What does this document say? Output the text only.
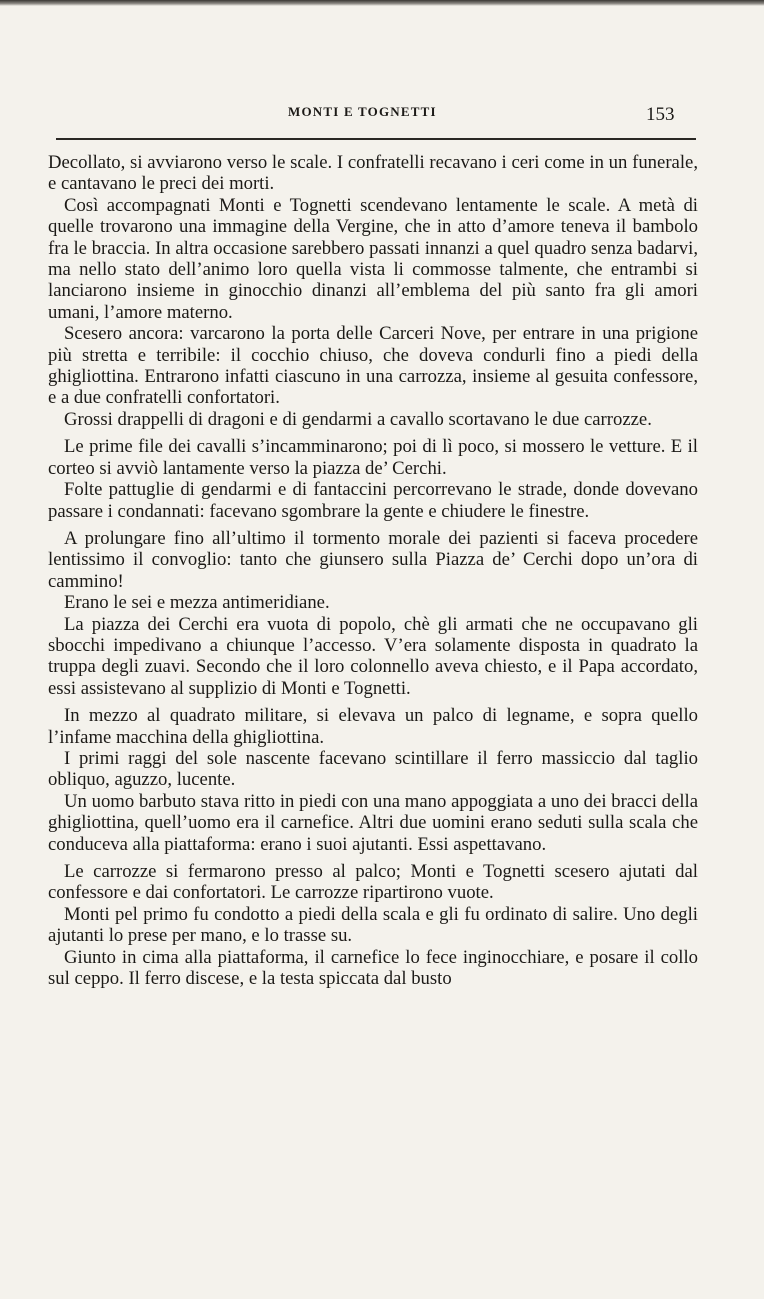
MONTI E TOGNETTI	153

Decollato, si avviarono verso le scale. I confratelli recavano i ceri come in un funerale, e cantavano le preci dei morti.

Così accompagnati Monti e Tognetti scendevano lentamente le scale. A metà di quelle trovarono una immagine della Vergine, che in atto d’amore teneva il bambolo fra le braccia. In altra occasione sarebbero passati innanzi a quel quadro senza badarvi, ma nello stato dell’animo loro quella vista li commosse talmente, che entrambi si lanciarono insieme in ginocchio dinanzi all’emblema del più santo fra gli amori umani, l’amore materno.

Scesero ancora: varcarono la porta delle Carceri Nove, per entrare in una prigione più stretta e terribile: il cocchio chiuso, che doveva condurli fino a piedi della ghigliottina. Entrarono infatti ciascuno in una carrozza, insieme al gesuita confessore, e a due confratelli confortatori.

Grossi drappelli di dragoni e di gendarmi a cavallo scortavano le due carrozze.

Le prime file dei cavalli s’incamminarono; poi di lì poco, si mossero le vetture. E il corteo si avviò lantamente verso la piazza de’ Cerchi.

Folte pattuglie di gendarmi e di fantaccini percorrevano le strade, donde dovevano passare i condannati: facevano sgombrare la gente e chiudere le finestre.

A prolungare fino all’ultimo il tormento morale dei pazienti si faceva procedere lentissimo il convoglio: tanto che giunsero sulla Piazza de’ Cerchi dopo un’ora di cammino!

Erano le sei e mezza antimeridiane.

La piazza dei Cerchi era vuota di popolo, chè gli armati che ne occupavano gli sbocchi impedivano a chiunque l’accesso. V’era solamente disposta in quadrato la truppa degli zuavi. Secondo che il loro colonnello aveva chiesto, e il Papa accordato, essi assistevano al supplizio di Monti e Tognetti.

In mezzo al quadrato militare, si elevava un palco di legname, e sopra quello l’infame macchina della ghigliottina.

I primi raggi del sole nascente facevano scintillare il ferro massiccio dal taglio obliquo, aguzzo, lucente.

Un uomo barbuto stava ritto in piedi con una mano appoggiata a uno dei bracci della ghigliottina, quell’uomo era il carnefice. Altri due uomini erano seduti sulla scala che conduceva alla piattaforma: erano i suoi ajutanti. Essi aspettavano.

Le carrozze si fermarono presso al palco; Monti e Tognetti scesero ajutati dal confessore e dai confortatori. Le carrozze ripartirono vuote.

Monti pel primo fu condotto a piedi della scala e gli fu ordinato di salire. Uno degli ajutanti lo prese per mano, e lo trasse su.

Giunto in cima alla piattaforma, il carnefice lo fece inginocchiare, e posare il collo sul ceppo. Il ferro discese, e la testa spiccata dal busto
